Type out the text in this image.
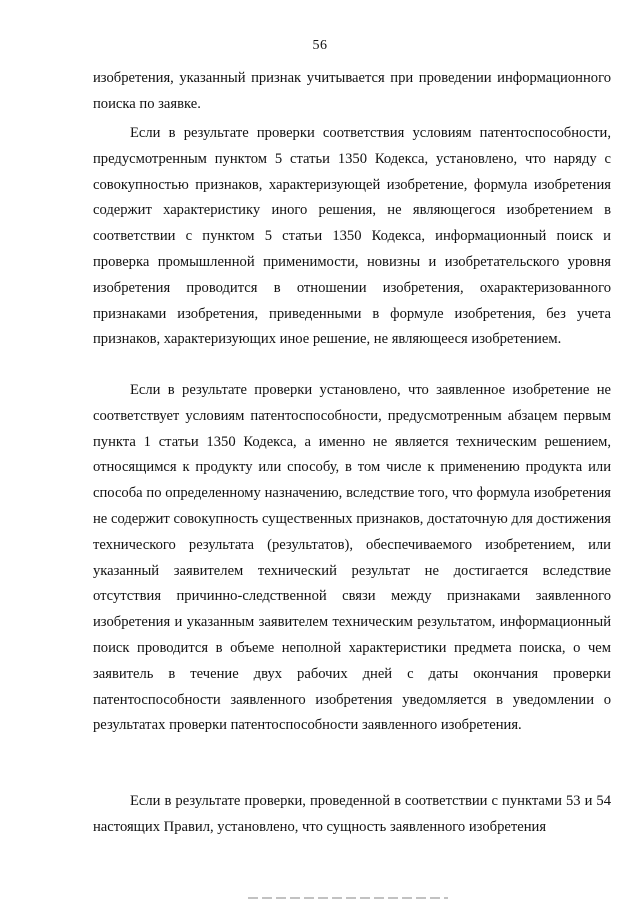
56

изобретения, указанный признак учитывается при проведении информационного поиска по заявке.

Если в результате проверки соответствия условиям патентоспособности, предусмотренным пунктом 5 статьи 1350 Кодекса, установлено, что наряду с совокупностью признаков, характеризующей изобретение, формула изобретения содержит характеристику иного решения, не являющегося изобретением в соответствии с пунктом 5 статьи 1350 Кодекса, информационный поиск и проверка промышленной применимости, новизны и изобретательского уровня изобретения проводится в отношении изобретения, охарактеризованного признаками изобретения, приведенными в формуле изобретения, без учета признаков, характеризующих иное решение, не являющееся изобретением.

Если в результате проверки установлено, что заявленное изобретение не соответствует условиям патентоспособности, предусмотренным абзацем первым пункта 1 статьи 1350 Кодекса, а именно не является техническим решением, относящимся к продукту или способу, в том числе к применению продукта или способа по определенному назначению, вследствие того, что формула изобретения не содержит совокупность существенных признаков, достаточную для достижения технического результата (результатов), обеспечиваемого изобретением, или указанный заявителем технический результат не достигается вследствие отсутствия причинно-следственной связи между признаками заявленного изобретения и указанным заявителем техническим результатом, информационный поиск проводится в объеме неполной характеристики предмета поиска, о чем заявитель в течение двух рабочих дней с даты окончания проверки патентоспособности заявленного изобретения уведомляется в уведомлении о результатах проверки патентоспособности заявленного изобретения.

Если в результате проверки, проведенной в соответствии с пунктами 53 и 54 настоящих Правил, установлено, что сущность заявленного изобретения
